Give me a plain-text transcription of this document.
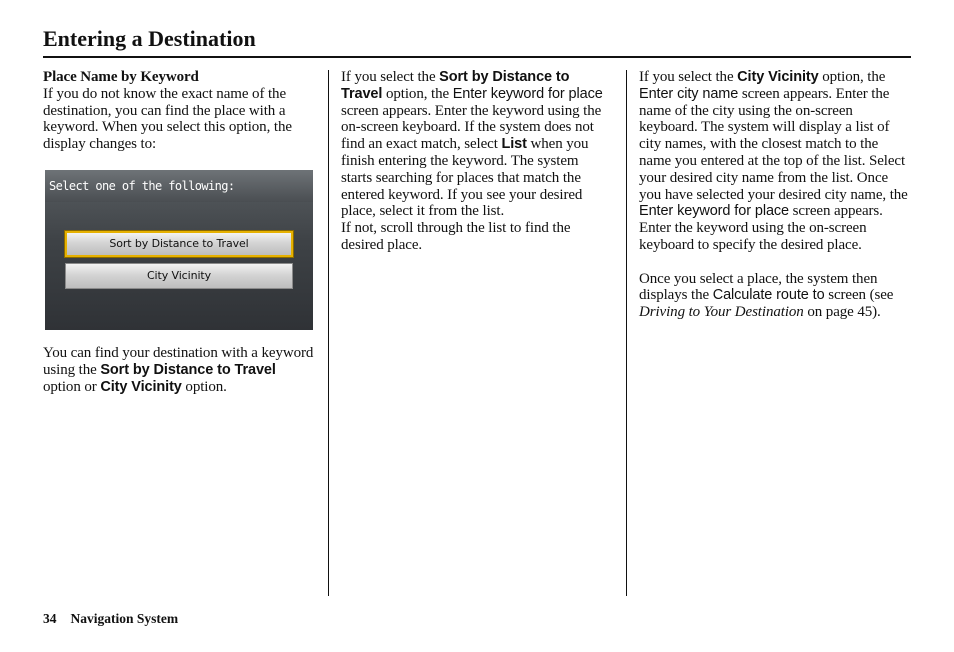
Entering a Destination

Place Name by Keyword

If you do not know the exact name of the destination, you can find the place with a keyword. When you select this option, the display changes to:

Select one of the following:
Sort by Distance to Travel
City Vicinity

You can find your destination with a keyword using the Sort by Distance to Travel option or City Vicinity option.

If you select the Sort by Distance to Travel option, the Enter keyword for place screen appears. Enter the keyword using the on-screen keyboard. If the system does not find an exact match, select List when you finish entering the keyword. The system starts searching for places that match the entered keyword. If you see your desired place, select it from the list.

If not, scroll through the list to find the desired place.

If you select the City Vicinity option, the Enter city name screen appears. Enter the name of the city using the on-screen keyboard. The system will display a list of city names, with the closest match to the name you entered at the top of the list. Select your desired city name from the list. Once you have selected your desired city name, the Enter keyword for place screen appears. Enter the keyword using the on-screen keyboard to specify the desired place.

Once you select a place, the system then displays the Calculate route to screen (see Driving to Your Destination on page 45).

34 Navigation System
